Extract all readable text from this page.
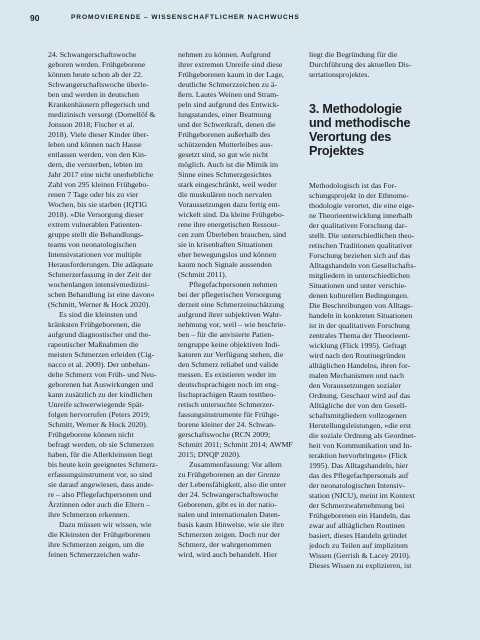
90	PROMOVIERENDE – WISSENSCHAFTLICHER NACHWUCHS
24. Schwangerschaftswoche
geboren werden. Frühgeborene
können heute schon ab der 22.
Schwangerschaftswoche überle-
ben und werden in deutschen
Krankenhäusern pflegerisch und
medizinisch versorgt (Domellöf &
Jonsson 2018; Fischer et al.
2018). Viele dieser Kinder über-
leben und können nach Hause
entlassen werden, von den Kin-
dern, die versterben, lebten im
Jahr 2017 eine nicht unerhebliche
Zahl von 295 kleinen Frühgebo-
renen 7 Tage oder bis zu vier
Wochen, bis sie starben (IQTIG
2018). »Die Versorgung dieser
extrem vulnerablen Patienten-
gruppe stellt die Behandlungs-
teams von neonatologischen
Intensivstationen vor multiple
Herausforderungen. Die adäquate
Schmerzerfassung in der Zeit der
wochenlangen intensivmedizini-
schen Behandlung ist eine davon«
(Schmitt, Werner & Hock 2020).
Es sind die kleinsten und
kränksten Frühgeborenen, die
aufgrund diagnostischer und the-
rapeutischer Maßnahmen die
meisten Schmerzen erleiden (Cig-
nacco et al. 2009). Der unbehan-
delte Schmerz von Früh- und Neu-
geborenen hat Auswirkungen und
kann zusätzlich zu der kindlichen
Unreife schwerwiegende Spät-
folgen hervorrufen (Peters 2019;
Schmitt, Werner & Hock 2020).
Frühgeborene können nicht
befragt werden, ob sie Schmerzen
haben, für die Allerkleinsten liegt
bis heute kein geeignetes Schmerz-
erfassungsinstrument vor, so sind
sie darauf angewiesen, dass ande-
re – also Pflegefachpersonen und
Ärztinnen oder auch die Eltern –
ihre Schmerzen erkennen.
Dazu müssen wir wissen, wie
die Kleinsten der Frühgeborenen
ihre Schmerzen zeigen, um die
feinen Schmerzzeichen wahr-
nehmen zu können. Aufgrund
ihrer extremen Unreife sind diese
Frühgeborenen kaum in der Lage,
deutliche Schmerzzeichen zu ä-
ßern. Lautes Weinen und Stram-
peln sind aufgrund des Entwick-
lungsstandes, einer Beatmung
und der Schwerkraft, denen die
Frühgeborenen außerhalb des
schützenden Mutterleibes aus-
gesetzt sind, so gut wie nicht
möglich. Auch ist die Mimik im
Sinne eines Schmerzgesichtes
stark eingeschränkt, weil weder
die muskulären noch nervalen
Voraussetzungen dazu fertig ent-
wickelt sind. Da kleine Frühgebo-
rene ihre energetischen Ressour-
cen zum Überleben brauchen, sind
sie in krisenhaften Situationen
eher bewegungslos und können
kaum noch Signale aussenden
(Schmitt 2011).
Pflegefachpersonen nehmen
bei der pflegerischen Versorgung
derzeit eine Schmerzeinschätzung
aufgrund ihrer subjektiven Wahr-
nehmung vor, weil – wie beschrie-
ben – für die anvisierte Patien-
tengruppe keine objektiven Indi-
katoren zur Verfügung stehen, die
den Schmerz reliabel und valide
messen. Es existieren weder im
deutschsprachigen noch im eng-
lischsprachigen Raum testtheo-
retisch untersuchte Schmerzer-
fassungsinstrumente für Frühge-
borene kleiner der 24. Schwan-
gerschaftswoche (RCN 2009;
Schmitt 2011; Schmitt 2014; AWMF
2015; DNQP 2020).
Zusammenfassung: Vor allem
zu Frühgeborenen an der Grenze
der Lebensfähigkeit, also die unter
der 24. Schwangerschaftswoche
Geborenen, gibt es in der natio-
nalen und internationalen Daten-
basis kaum Hinweise, wie sie ihre
Schmerzen zeigen. Doch nur der
Schmerz, der wahrgenommen
wird, wird auch behandelt. Hier
liegt die Begründung für die
Durchführung des aktuellen Dis-
sertationsprojektes.
3. Methodologie
und methodische
Verortung des
Projektes
Methodologisch ist das For-
schungsprojekt in der Ethnome-
thodologie verortet, die eine eige-
ne Theorieentwicklung innerhalb
der qualitativen Forschung dar-
stellt. Die unterschiedlichen theo-
retischen Traditionen qualitativer
Forschung beziehen sich auf das
Alltagshandeln von Gesellschafts-
mitgliedern in unterschiedlichen
Situationen und unter verschie-
denen kulturellen Bedingungen.
Die Beschreibungen von Alltags-
handeln in konkreten Situationen
ist in der qualitativen Forschung
zentrales Thema der Theorieent-
wicklung (Flick 1995). Gefragt
wird nach den Routinegründen
alltäglichen Handelns, ihren for-
malen Mechanismen und nach
den Voraussetzungen sozialer
Ordnung. Geschaut wird auf das
Alltägliche der von den Gesell-
schaftsmitgliedern vollzogenen
Herstellungsleistungen, »die erst
die soziale Ordnung als Geordnet-
heit von Kommunikation und In-
teraktion hervorbringen« (Flick
1995). Das Alltagshandeln, hier
das des Pflegefachpersonals auf
der neonatologischen Intensiv-
station (NICU), meint im Kontext
der Schmerzwahrnehmung bei
Frühgeborenen ein Handeln, das
zwar auf alltäglichen Routinen
basiert, dieses Handeln gründet
jedoch zu Teilen auf implizitem
Wissen (Gerrish & Lacey 2010).
Dieses Wissen zu explizieren, ist
